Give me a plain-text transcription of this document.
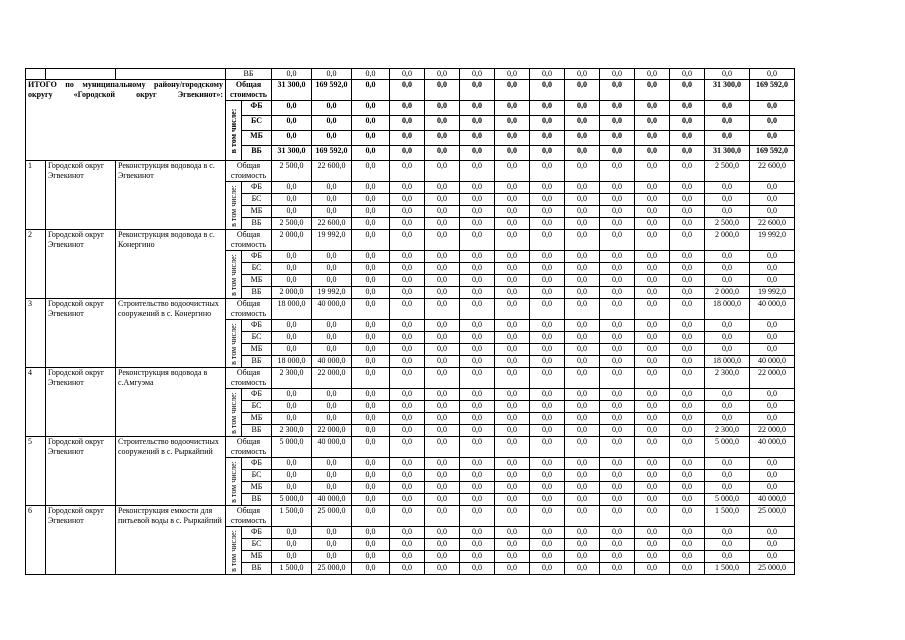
			ВБ		0,0	0,0	0,0	0,0	0,0	0,0	0,0	0,0	0,0	0,0	0,0	0,0	0,0	0,0
ИТОГО по муниципальному району/городскому округу «Городской округ Эгвекинот»:			Общая стоимость		31 300,0	169 592,0	0,0	0,0	0,0	0,0	0,0	0,0	0,0	0,0	0,0	0,0	31 300,0	169 592,0

			в том числе:	ФБ	0,0	0,0	0,0	0,0	0,0	0,0	0,0	0,0	0,0	0,0	0,0	0,0	0,0	0,0
				БС	0,0	0,0	0,0	0,0	0,0	0,0	0,0	0,0	0,0	0,0	0,0	0,0	0,0	0,0
				МБ	0,0	0,0	0,0	0,0	0,0	0,0	0,0	0,0	0,0	0,0	0,0	0,0	0,0	0,0
				ВБ	31 300,0	169 592,0	0,0	0,0	0,0	0,0	0,0	0,0	0,0	0,0	0,0	0,0	31 300,0	169 592,0
1	Городской округ Эгвекинот	Реконструкция водовода в с. Эгвекинот	Общая стоимость		2 500,0	22 600,0	0,0	0,0	0,0	0,0	0,0	0,0	0,0	0,0	0,0	0,0	2 500,0	22 600,0

			в том числе:	ФБ	0,0	0,0	0,0	0,0	0,0	0,0	0,0	0,0	0,0	0,0	0,0	0,0	0,0	0,0
				БС	0,0	0,0	0,0	0,0	0,0	0,0	0,0	0,0	0,0	0,0	0,0	0,0	0,0	0,0
				МБ	0,0	0,0	0,0	0,0	0,0	0,0	0,0	0,0	0,0	0,0	0,0	0,0	0,0	0,0
				ВБ	2 500,0	22 600,0	0,0	0,0	0,0	0,0	0,0	0,0	0,0	0,0	0,0	0,0	2 500,0	22 600,0
2	Городской округ Эгвекинот	Реконструкция водовода в с. Конергино	Общая стоимость		2 000,0	19 992,0	0,0	0,0	0,0	0,0	0,0	0,0	0,0	0,0	0,0	0,0	2 000,0	19 992,0

			в том числе:	ФБ	0,0	0,0	0,0	0,0	0,0	0,0	0,0	0,0	0,0	0,0	0,0	0,0	0,0	0,0
				БС	0,0	0,0	0,0	0,0	0,0	0,0	0,0	0,0	0,0	0,0	0,0	0,0	0,0	0,0
				МБ	0,0	0,0	0,0	0,0	0,0	0,0	0,0	0,0	0,0	0,0	0,0	0,0	0,0	0,0
				ВБ	2 000,0	19 992,0	0,0	0,0	0,0	0,0	0,0	0,0	0,0	0,0	0,0	0,0	2 000,0	19 992,0
3	Городской округ Эгвекинот	Строительство водоочистных сооружений в с. Конергино	Общая стоимость		18 000,0	40 000,0	0,0	0,0	0,0	0,0	0,0	0,0	0,0	0,0	0,0	0,0	18 000,0	40 000,0

			в том числе:	ФБ	0,0	0,0	0,0	0,0	0,0	0,0	0,0	0,0	0,0	0,0	0,0	0,0	0,0	0,0
				БС	0,0	0,0	0,0	0,0	0,0	0,0	0,0	0,0	0,0	0,0	0,0	0,0	0,0	0,0
				МБ	0,0	0,0	0,0	0,0	0,0	0,0	0,0	0,0	0,0	0,0	0,0	0,0	0,0	0,0
				ВБ	18 000,0	40 000,0	0,0	0,0	0,0	0,0	0,0	0,0	0,0	0,0	0,0	0,0	18 000,0	40 000,0
4	Городской округ Эгвекинот	Реконструкция водовода в с.Амгуэма	Общая стоимость		2 300,0	22 000,0	0,0	0,0	0,0	0,0	0,0	0,0	0,0	0,0	0,0	0,0	2 300,0	22 000,0

			в том числе:	ФБ	0,0	0,0	0,0	0,0	0,0	0,0	0,0	0,0	0,0	0,0	0,0	0,0	0,0	0,0
				БС	0,0	0,0	0,0	0,0	0,0	0,0	0,0	0,0	0,0	0,0	0,0	0,0	0,0	0,0
				МБ	0,0	0,0	0,0	0,0	0,0	0,0	0,0	0,0	0,0	0,0	0,0	0,0	0,0	0,0
				ВБ	2 300,0	22 000,0	0,0	0,0	0,0	0,0	0,0	0,0	0,0	0,0	0,0	0,0	2 300,0	22 000,0
5	Городской округ Эгвекинот	Строительство водоочистных сооружений в с. Рыркайпий	Общая стоимость		5 000,0	40 000,0	0,0	0,0	0,0	0,0	0,0	0,0	0,0	0,0	0,0	0,0	5 000,0	40 000,0

			в том числе:	ФБ	0,0	0,0	0,0	0,0	0,0	0,0	0,0	0,0	0,0	0,0	0,0	0,0	0,0	0,0
				БС	0,0	0,0	0,0	0,0	0,0	0,0	0,0	0,0	0,0	0,0	0,0	0,0	0,0	0,0
				МБ	0,0	0,0	0,0	0,0	0,0	0,0	0,0	0,0	0,0	0,0	0,0	0,0	0,0	0,0
				ВБ	5 000,0	40 000,0	0,0	0,0	0,0	0,0	0,0	0,0	0,0	0,0	0,0	0,0	5 000,0	40 000,0
6	Городской округ Эгвекинот	Реконструкция емкости для питьевой воды в с. Рыркайпий	Общая стоимость		1 500,0	25 000,0	0,0	0,0	0,0	0,0	0,0	0,0	0,0	0,0	0,0	0,0	1 500,0	25 000,0

			в том числе:	ФБ	0,0	0,0	0,0	0,0	0,0	0,0	0,0	0,0	0,0	0,0	0,0	0,0	0,0	0,0
				БС	0,0	0,0	0,0	0,0	0,0	0,0	0,0	0,0	0,0	0,0	0,0	0,0	0,0	0,0
				МБ	0,0	0,0	0,0	0,0	0,0	0,0	0,0	0,0	0,0	0,0	0,0	0,0	0,0	0,0
				ВБ	1 500,0	25 000,0	0,0	0,0	0,0	0,0	0,0	0,0	0,0	0,0	0,0	0,0	1 500,0	25 000,0
